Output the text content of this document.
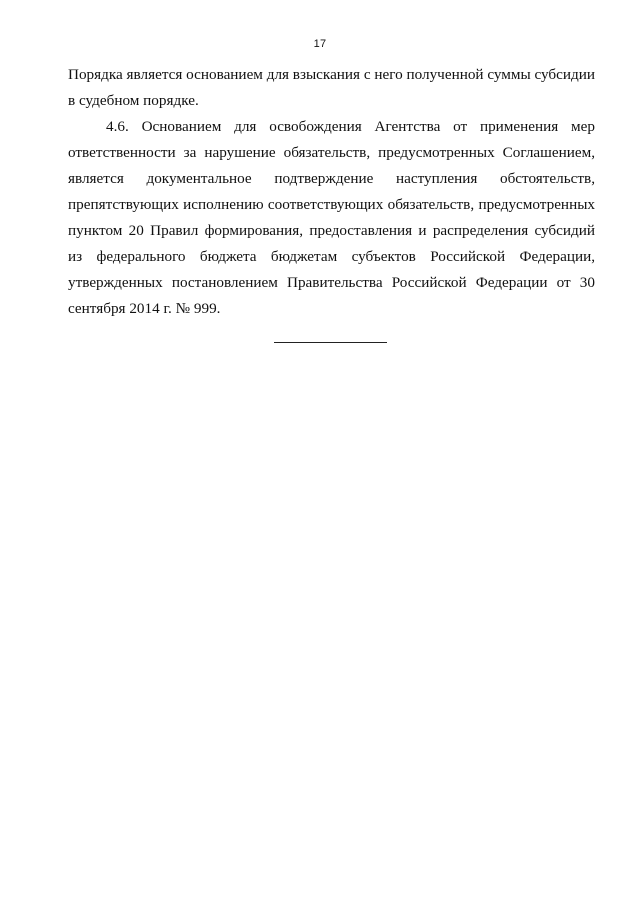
17

Порядка является основанием для взыскания с него полученной суммы субсидии в судебном порядке.

4.6. Основанием для освобождения Агентства от применения мер ответственности за нарушение обязательств, предусмотренных Соглашением, является документальное подтверждение наступления обстоятельств, препятствующих исполнению соответствующих обязательств, предусмотренных пунктом 20 Правил формирования, предоставления и распределения субсидий из федерального бюджета бюджетам субъектов Российской Федерации, утвержденных постановлением Правительства Российской Федерации от 30 сентября 2014 г. № 999.
